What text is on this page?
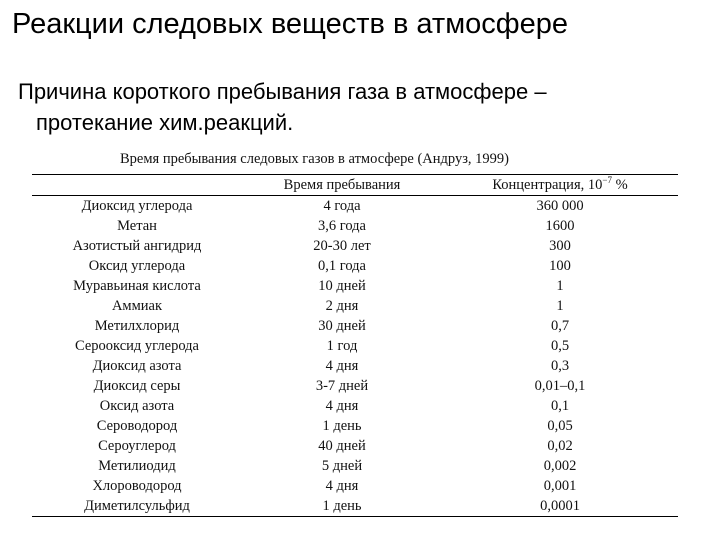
Реакции следовых веществ в атмосфере
Причина короткого пребывания газа в атмосфере –
протекание хим.реакций.
Время пребывания следовых газов в атмосфере (Андруз, 1999)
	Время пребывания	Концентрация, $10^{-7}$ %
Диоксид углерода	4 года	360 000
Метан	3,6 года	1600
Азотистый ангидрид	20-30 лет	300
Оксид углерода	0,1 года	100
Муравьиная кислота	10 дней	1
Аммиак	2 дня	1
Метилхлорид	30 дней	0,7
Серооксид углерода	1 год	0,5
Диоксид азота	4 дня	0,3
Диоксид серы	3-7 дней	0,01–0,1
Оксид азота	4 дня	0,1
Сероводород	1 день	0,05
Сероуглерод	40 дней	0,02
Метилиодид	5 дней	0,002
Хлороводород	4 дня	0,001
Диметилсульфид	1 день	0,0001
